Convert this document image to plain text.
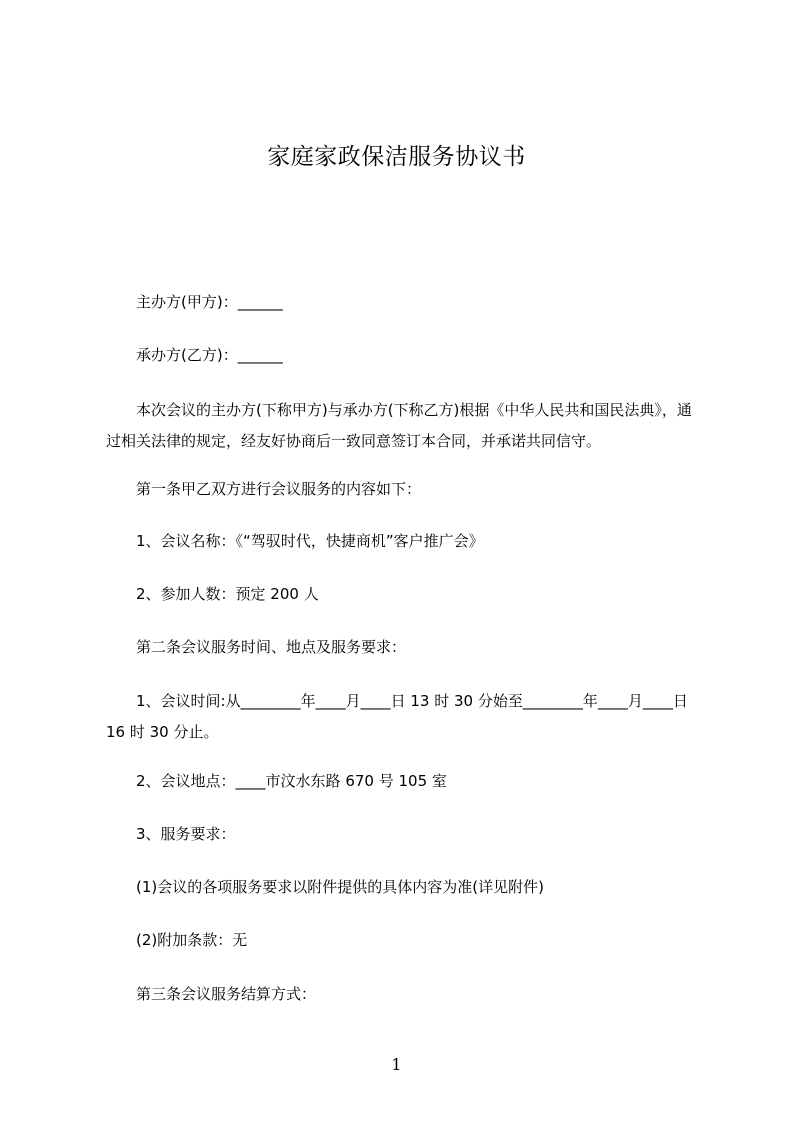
家庭家政保洁服务协议书
主办方(甲方)：______
承办方(乙方)：______
本次会议的主办方(下称甲方)与承办方(下称乙方)根据《中华人民共和国民法典》，通过相关法律的规定，经友好协商后一致同意签订本合同，并承诺共同信守。
第一条甲乙双方进行会议服务的内容如下：
1、会议名称：《“驾驭时代，快捷商机”客户推广会》
2、参加人数：预定 200 人
第二条会议服务时间、地点及服务要求：
1、会议时间:从________年____月____日 13 时 30 分始至________年____月____日 16 时 30 分止。
2、会议地点：____市汶水东路 670 号 105 室
3、服务要求：
(1)会议的各项服务要求以附件提供的具体内容为准(详见附件)
(2)附加条款：无
第三条会议服务结算方式：
1
